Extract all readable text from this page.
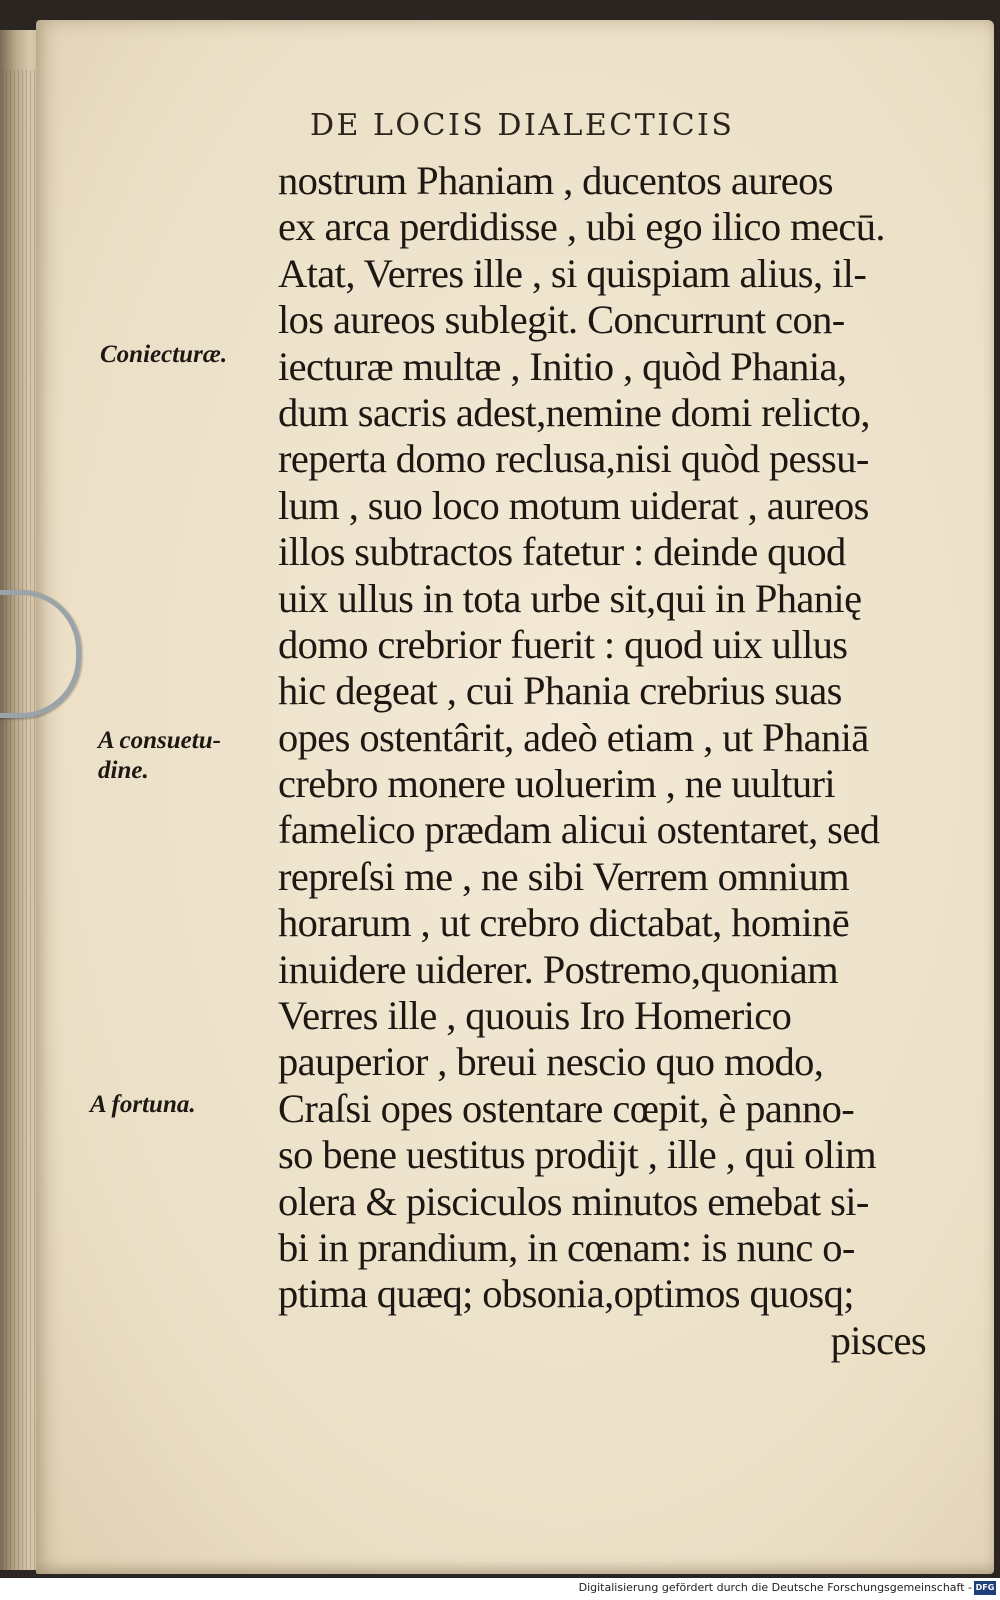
DE LOCIS DIALECTICIS
nostrum Phaniam , ducentos aureos
ex arca perdidisse , ubi ego ilico mecū.
Atat, Verres ille , si quispiam alius, il-
los aureos sublegit. Concurrunt con-
iecturæ multæ , Initio , quòd Phania,
dum sacris adest,nemine domi relicto,
reperta domo reclusa,nisi quòd pessu-
lum , suo loco motum uiderat , aureos
illos subtractos fatetur : deinde quod
uix ullus in tota urbe sit,qui in Phanię
domo crebrior fuerit : quod uix ullus
hic degeat , cui Phania crebrius suas
opes ostentârit, adeò etiam , ut Phaniā
crebro monere uoluerim , ne uulturi
famelico prædam alicui ostentaret, sed
repreſsi me , ne sibi Verrem omnium
horarum , ut crebro dictabat, hominē
inuidere uiderer. Postremo,quoniam
Verres ille , quouis Iro Homerico
pauperior , breui nescio quo modo,
Craſsi opes ostentare cœpit, è panno-
so bene uestitus prodijt , ille , qui olim
olera & pisciculos minutos emebat si-
bi in prandium, in cœnam: is nunc o-
ptima quæq; obsonia,optimos quosq;
pisces
Coniecturæ.
A consuetu-
dine.
A fortuna.
Digitalisierung gefördert durch die Deutsche Forschungsgemeinschaft - DFG
